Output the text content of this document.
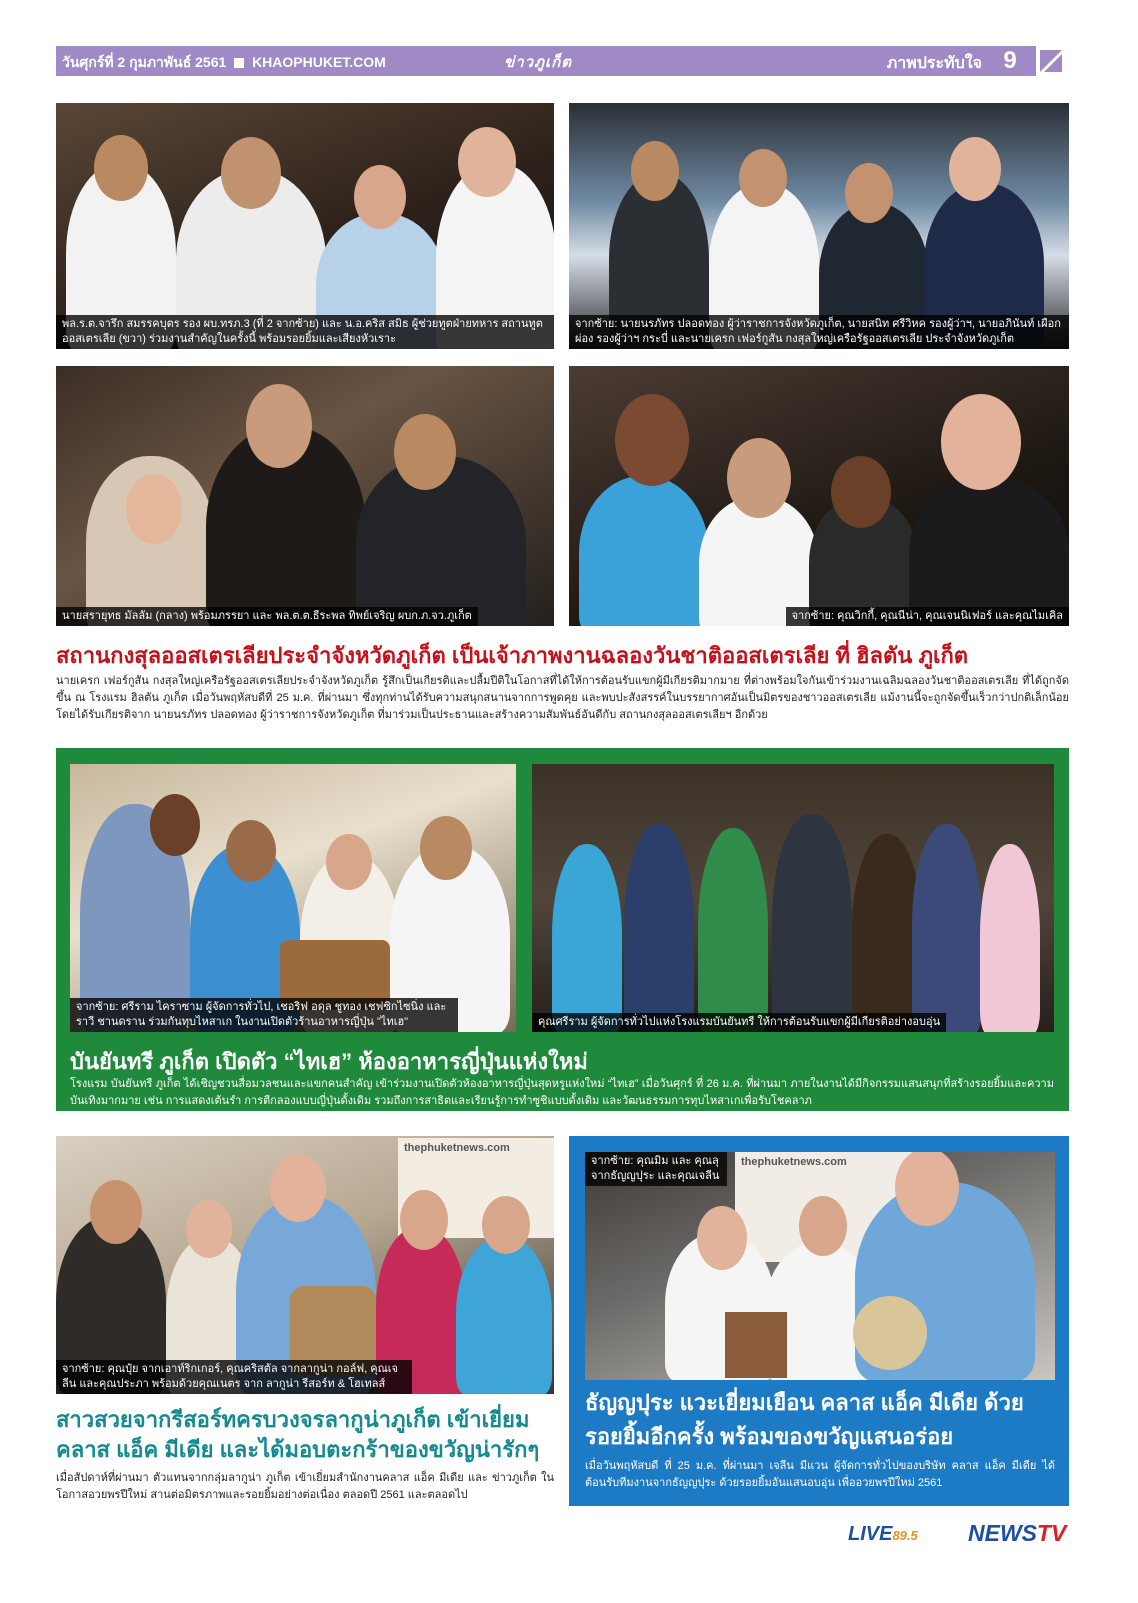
วันศุกร์ที่ 2 กุมภาพันธ์ 2561 KHAOPHUKET.COM	ข่าวภูเก็ต	ภาพประทับใจ 9
พล.ร.ต.จารึก สมรรคบุตร รอง ผบ.ทรภ.3 (ที่ 2 จากซ้าย) และ น.อ.คริส สมิธ ผู้ช่วยทูตฝ่ายทหาร สถานทูตออสเตรเลีย (ขวา) ร่วมงานสำคัญในครั้งนี้ พร้อมรอยยิ้มและเสียงหัวเราะ
จากซ้าย: นายนรภัทร ปลอดทอง ผู้ว่าราชการจังหวัดภูเก็ต, นายสนิท ศรีวิหค รองผู้ว่าฯ, นายอภินันท์ เผือกผ่อง รองผู้ว่าฯ กระบี่ และนายเครก เฟอร์กูสัน กงสุลใหญ่เครือรัฐออสเตรเลีย ประจำจังหวัดภูเก็ต
นายสรายุทธ มัลลัม (กลาง) พร้อมภรรยา และ พล.ต.ต.ธีระพล ทิพย์เจริญ ผบก.ภ.จว.ภูเก็ต	จากซ้าย: คุณวิกกี้, คุณนีน่า, คุณเจนนิเฟอร์ และคุณไมเคิล
สถานกงสุลออสเตรเลียประจำจังหวัดภูเก็ต เป็นเจ้าภาพงานฉลองวันชาติออสเตรเลีย ที่ ฮิลตัน ภูเก็ต
นายเครก เฟอร์กูสัน กงสุลใหญ่เครือรัฐออสเตรเลียประจำจังหวัดภูเก็ต รู้สึกเป็นเกียรติและปลื้มปีติในโอกาสที่ได้ให้การต้อนรับแขกผู้มีเกียรติมากมาย ที่ต่างพร้อมใจกันเข้าร่วมงานเฉลิมฉลองวันชาติออสเตรเลีย ที่ได้ถูกจัดขึ้น ณ โรงแรม ฮิลตัน ภูเก็ต เมื่อวันพฤหัสบดีที่ 25 ม.ค. ที่ผ่านมา ซึ่งทุกท่านได้รับความสนุกสนานจากการพูดคุย และพบปะสังสรรค์ในบรรยากาศอันเป็นมิตรของชาวออสเตรเลีย แม้งานนี้จะถูกจัดขึ้นเร็วกว่าปกติเล็กน้อย โดยได้รับเกียรติจาก นายนรภัทร ปลอดทอง ผู้ว่าราชการจังหวัดภูเก็ต ที่มาร่วมเป็นประธานและสร้างความสัมพันธ์อันดีกับ สถานกงสุลออสเตรเลียฯ อีกด้วย
จากซ้าย: ศรีราม ไคราซาม ผู้จัดการทั่วไป, เชอริฟ อดุล ชูทอง เชฟซิกไซนิ่ง และ ราวี ชานดราน ร่วมกันทุบไหสาเก ในงานเปิดตัวร้านอาหารญี่ปุ่น "ไทเฮ"	คุณศรีราม ผู้จัดการทั่วไปแห่งโรงแรมบันยันทรี ให้การต้อนรับแขกผู้มีเกียรติอย่างอบอุ่น
บันยันทรี ภูเก็ต เปิดตัว “ไทเฮ” ห้องอาหารญี่ปุ่นแห่งใหม่
โรงแรม บันยันทรี ภูเก็ต ได้เชิญชวนสื่อมวลชนและแขกคนสำคัญ เข้าร่วมงานเปิดตัวห้องอาหารญี่ปุ่นสุดหรูแห่งใหม่ “ไทเฮ” เมื่อวันศุกร์ ที่ 26 ม.ค. ที่ผ่านมา ภายในงานได้มีกิจกรรมแสนสนุกที่สร้างรอยยิ้มและความบันเทิงมากมาย เช่น การแสดงเต้นรำ การตีกลองแบบญี่ปุ่นดั้งเดิม รวมถึงการสาธิตและเรียนรู้การทำซูชิแบบดั้งเดิม และวัฒนธรรมการทุบไหสาเกเพื่อรับโชคลาภ
thephuketnews.com
จากซ้าย: คุณปุ๋ย จากเอาท์ริกเกอร์, คุณคริสตัล จากลากูน่า กอล์ฟ, คุณเจลีน และคุณประภา พร้อมด้วยคุณเนตร จาก ลากูน่า รีสอร์ท & โฮเทลส์
สาวสวยจากรีสอร์ทครบวงจรลากูน่าภูเก็ต เข้าเยี่ยม คลาส แอ็ค มีเดีย และได้มอบตะกร้าของขวัญน่ารักๆ
เมื่อสัปดาห์ที่ผ่านมา ตัวแทนจากกลุ่มลากูน่า ภูเก็ต เข้าเยี่ยมสำนักงานคลาส แอ็ค มีเดีย และ ข่าวภูเก็ต ในโอกาสอวยพรปีใหม่ สานต่อมิตรภาพและรอยยิ้มอย่างต่อเนื่อง ตลอดปี 2561 และตลอดไป
thephuketnews.com
จากซ้าย: คุณมิม และ คุณลุ จากธัญญปุระ และคุณเจลีน
ธัญญปุระ แวะเยี่ยมเยือน คลาส แอ็ค มีเดีย ด้วยรอยยิ้มอีกครั้ง พร้อมของขวัญแสนอร่อย
เมื่อวันพฤหัสบดี ที่ 25 ม.ค. ที่ผ่านมา เจลีน มีแวน ผู้จัดการทั่วไปของบริษัท คลาส แอ็ค มีเดีย ได้ต้อนรับทีมงานจากธัญญปุระ ด้วยรอยยิ้มอันแสนอบอุ่น เพื่ออวยพรปีใหม่ 2561
LIVE89.5 NEWSTV
